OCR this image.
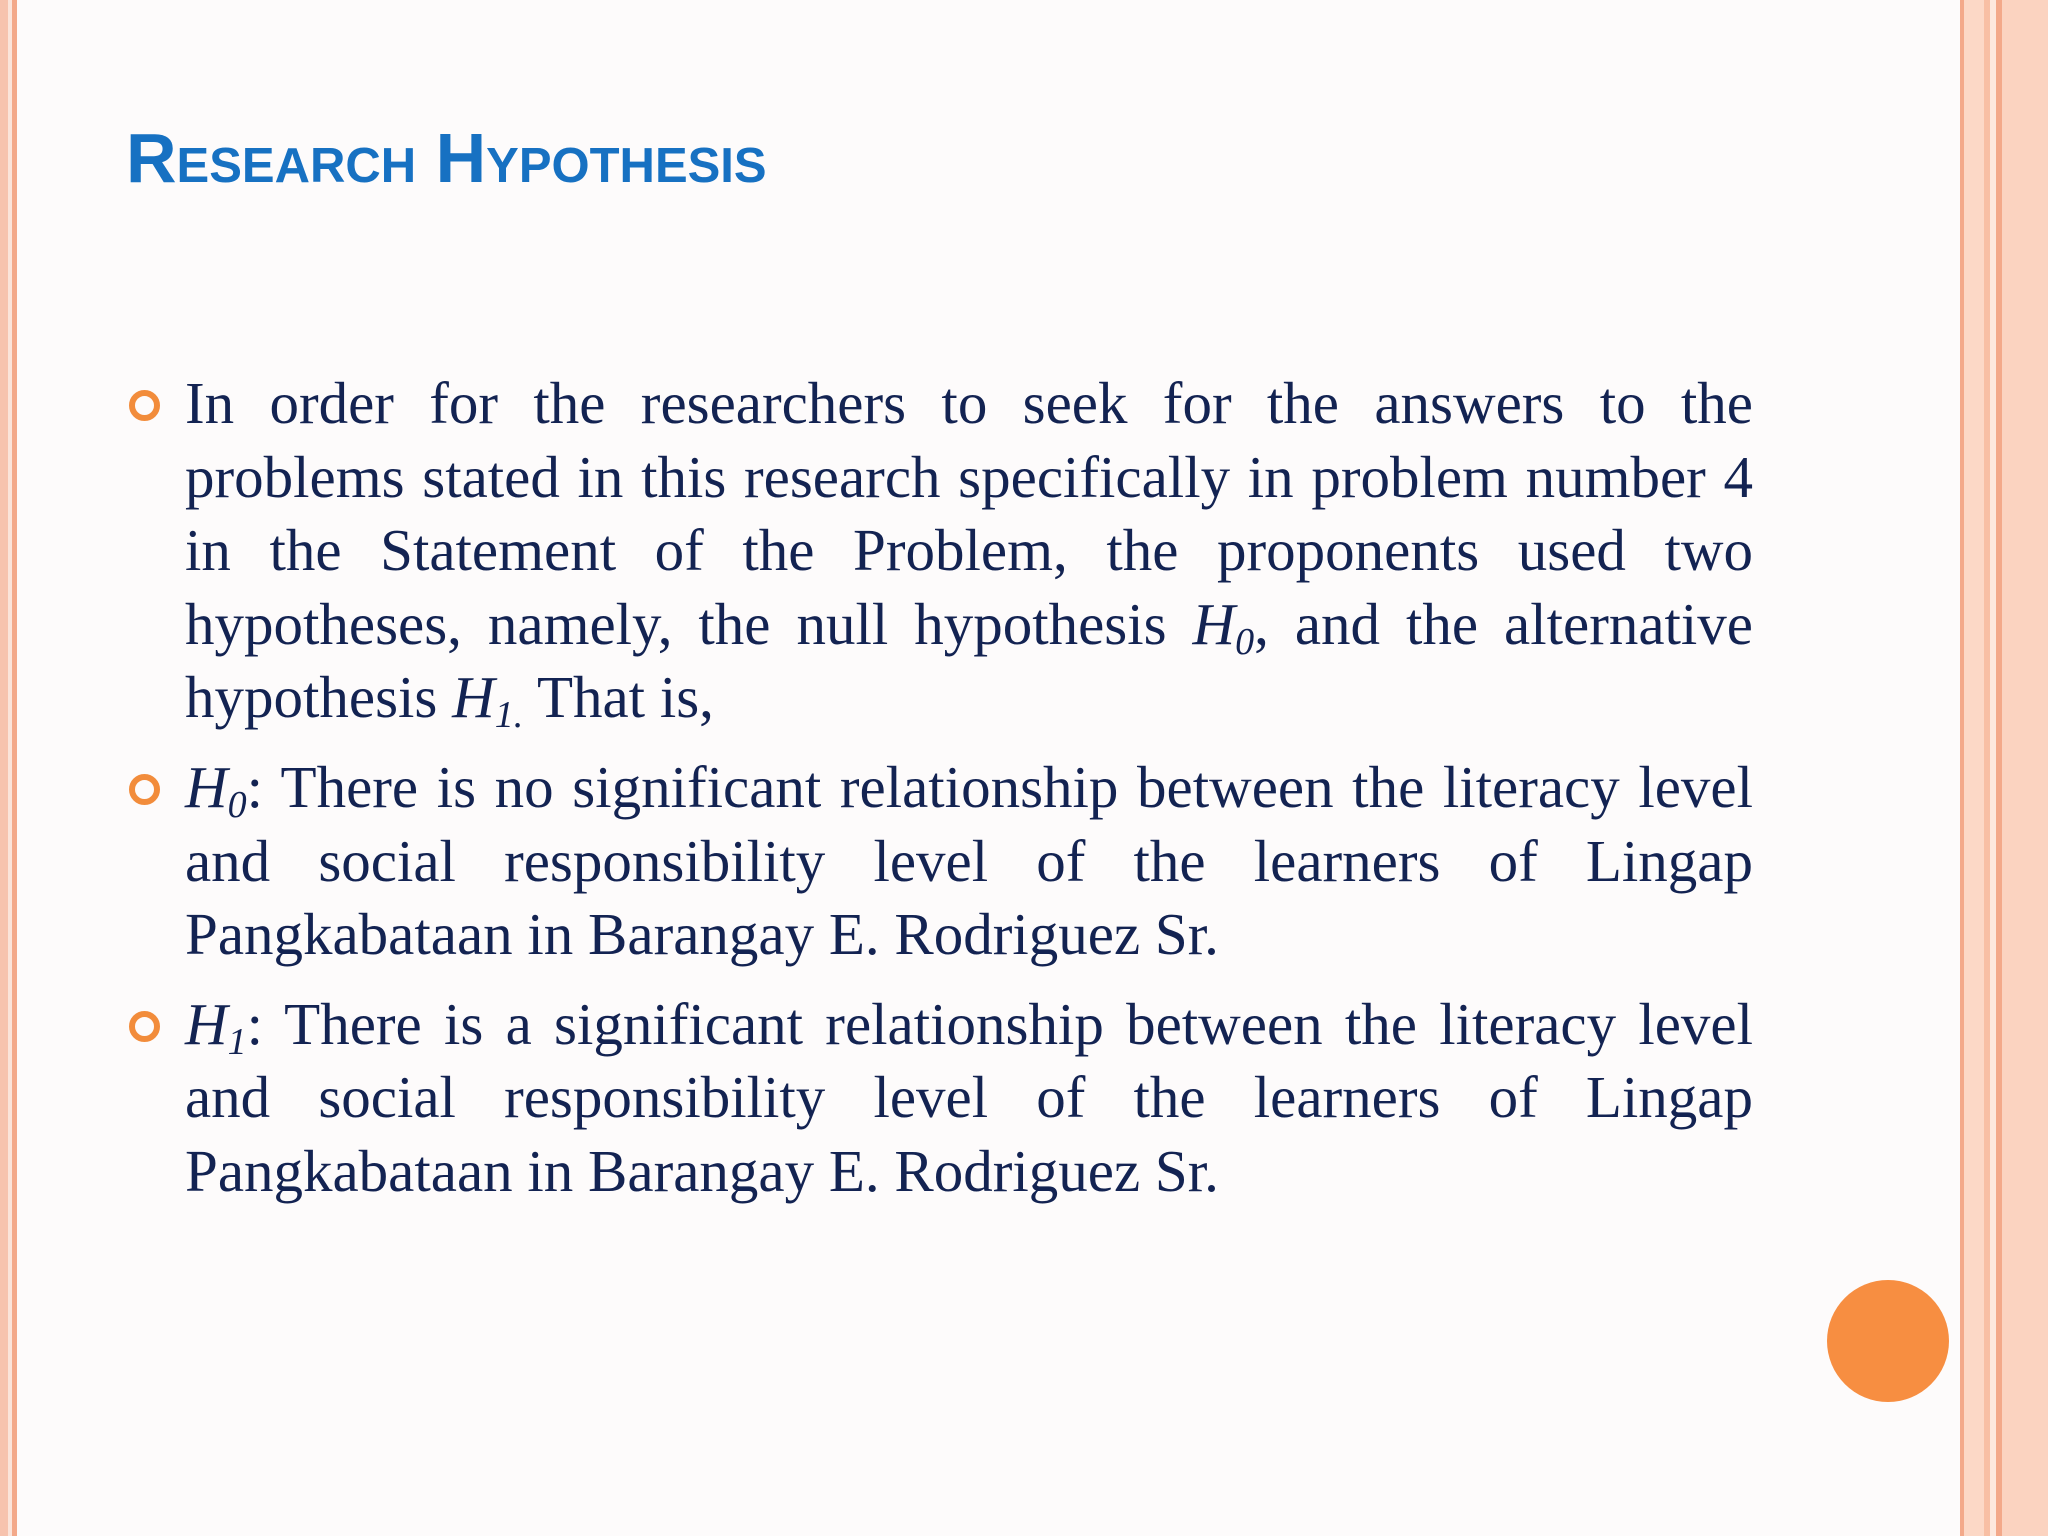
Research Hypothesis

In order for the researchers to seek for the answers to the problems stated in this research specifically in problem number 4 in the Statement of the Problem, the proponents used two hypotheses, namely, the null hypothesis $H_0$, and the alternative hypothesis $H_{1.}$ That is,

$H_0$: There is no significant relationship between the literacy level and social responsibility level of the learners of Lingap Pangkabataan in Barangay E. Rodriguez Sr.

$H_1$: There is a significant relationship between the literacy level and social responsibility level of the learners of Lingap Pangkabataan in Barangay E. Rodriguez Sr.
